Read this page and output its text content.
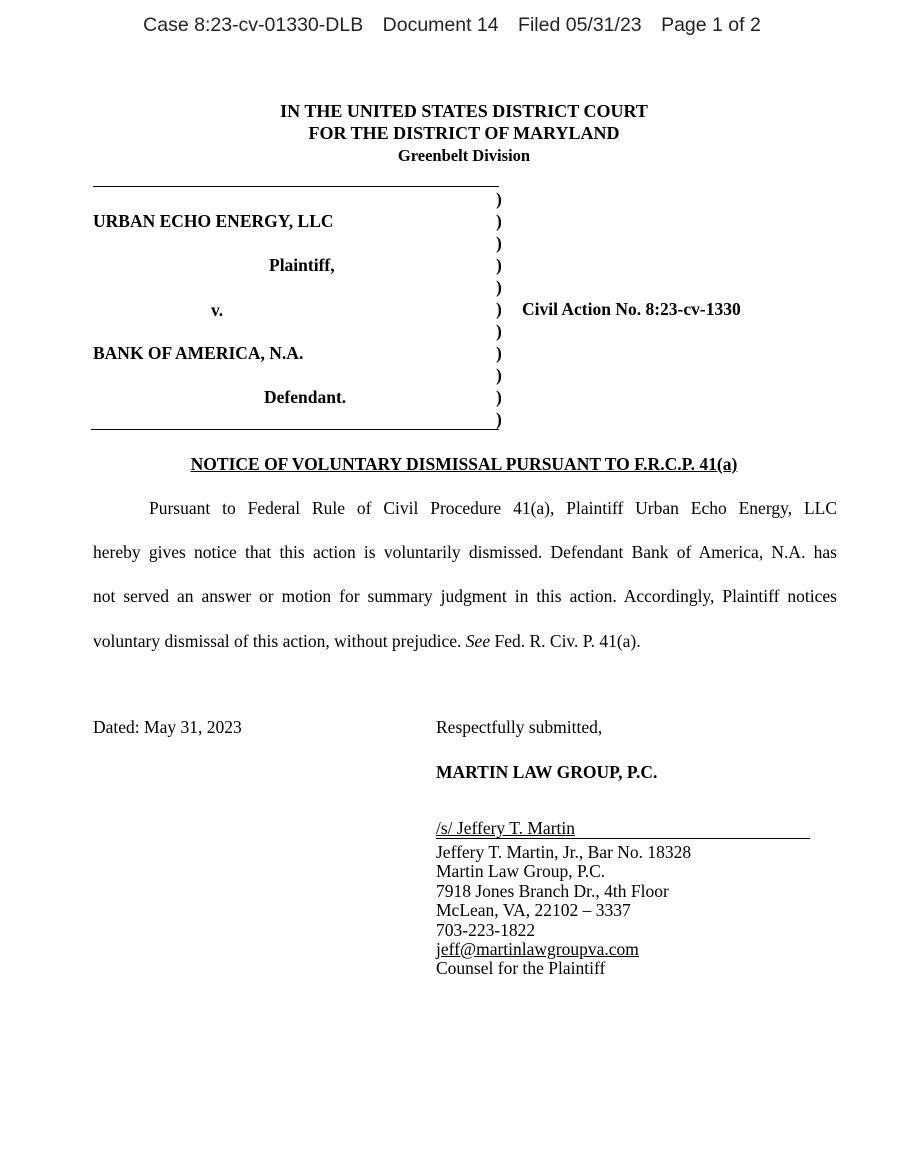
Case 8:23-cv-01330-DLB Document 14 Filed 05/31/23 Page 1 of 2
IN THE UNITED STATES DISTRICT COURT
FOR THE DISTRICT OF MARYLAND
Greenbelt Division
URBAN ECHO ENERGY, LLC
Plaintiff,
v.
BANK OF AMERICA, N.A.
Defendant.
)
)
)
)
)
)
)
)
)
)
)
Civil Action No. 8:23-cv-1330
NOTICE OF VOLUNTARY DISMISSAL PURSUANT TO F.R.C.P. 41(a)
Pursuant to Federal Rule of Civil Procedure 41(a), Plaintiff Urban Echo Energy, LLC
hereby gives notice that this action is voluntarily dismissed. Defendant Bank of America, N.A. has
not served an answer or motion for summary judgment in this action. Accordingly, Plaintiff notices
voluntary dismissal of this action, without prejudice. See Fed. R. Civ. P. 41(a).
Dated: May 31, 2023	Respectfully submitted,
MARTIN LAW GROUP, P.C.
/s/ Jeffery T. Martin
Jeffery T. Martin, Jr., Bar No. 18328
Martin Law Group, P.C.
7918 Jones Branch Dr., 4th Floor
McLean, VA, 22102 – 3337
703-223-1822
jeff@martinlawgroupva.com
Counsel for the Plaintiff
